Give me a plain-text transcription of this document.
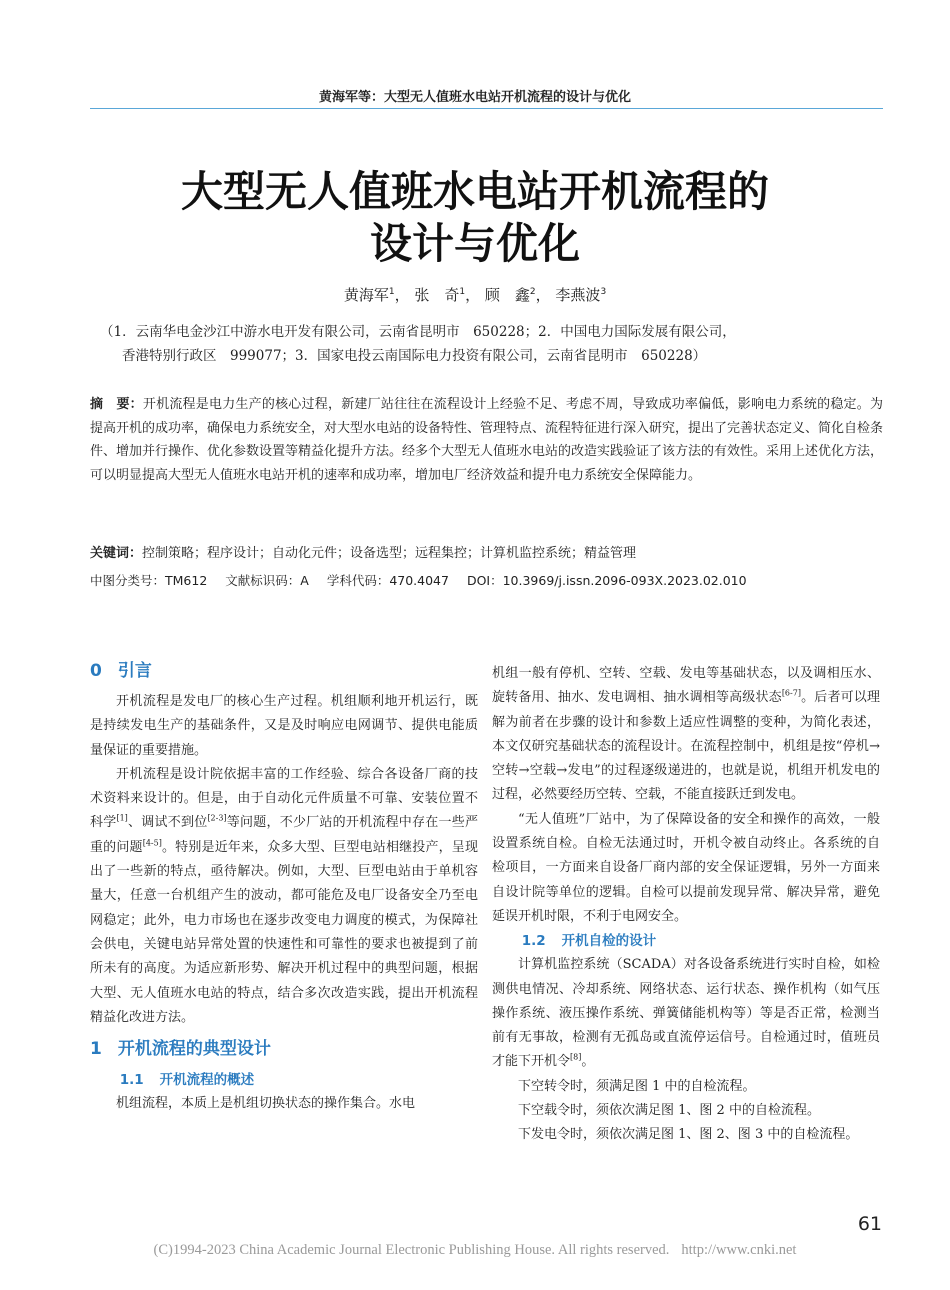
黄海军等：大型无人值班水电站开机流程的设计与优化
大型无人值班水电站开机流程的
设计与优化
黄海军$^1$， 张　奇$^1$， 顾　鑫$^2$， 李燕波$^3$
（1．云南华电金沙江中游水电开发有限公司，云南省昆明市　650228；2．中国电力国际发展有限公司，
香港特别行政区　999077；3．国家电投云南国际电力投资有限公司，云南省昆明市　650228）
摘　要：开机流程是电力生产的核心过程，新建厂站往往在流程设计上经验不足、考虑不周，导致成功率偏低，影响电力系统的稳定。为提高开机的成功率，确保电力系统安全，对大型水电站的设备特性、管理特点、流程特征进行深入研究，提出了完善状态定义、简化自检条件、增加并行操作、优化参数设置等精益化提升方法。经多个大型无人值班水电站的改造实践验证了该方法的有效性。采用上述优化方法，可以明显提高大型无人值班水电站开机的速率和成功率，增加电厂经济效益和提升电力系统安全保障能力。
关键词：控制策略；程序设计；自动化元件；设备选型；远程集控；计算机监控系统；精益管理
中图分类号：TM612 文献标识码：A 学科代码：470.4047 DOI：10.3969/j.issn.2096-093X.2023.02.010
0 引言

开机流程是发电厂的核心生产过程。机组顺利地开机运行，既是持续发电生产的基础条件，又是及时响应电网调节、提供电能质量保证的重要措施。

开机流程是设计院依据丰富的工作经验、综合各设备厂商的技术资料来设计的。但是，由于自动化元件质量不可靠、安装位置不科学[1]、调试不到位[2-3]等问题，不少厂站的开机流程中存在一些严重的问题[4-5]。特别是近年来，众多大型、巨型电站相继投产，呈现出了一些新的特点，亟待解决。例如，大型、巨型电站由于单机容量大，任意一台机组产生的波动，都可能危及电厂设备安全乃至电网稳定；此外，电力市场也在逐步改变电力调度的模式，为保障社会供电，关键电站异常处置的快速性和可靠性的要求也被提到了前所未有的高度。为适应新形势、解决开机过程中的典型问题，根据大型、无人值班水电站的特点，结合多次改造实践，提出开机流程精益化改进方法。

1 开机流程的典型设计
1.1 开机流程的概述

机组流程，本质上是机组切换状态的操作集合。水电

机组一般有停机、空转、空载、发电等基础状态，以及调相压水、旋转备用、抽水、发电调相、抽水调相等高级状态[6-7]。后者可以理解为前者在步骤的设计和参数上适应性调整的变种，为简化表述，本文仅研究基础状态的流程设计。在流程控制中，机组是按“停机→空转→空载→发电”的过程逐级递进的，也就是说，机组开机发电的过程，必然要经历空转、空载，不能直接跃迁到发电。

“无人值班”厂站中，为了保障设备的安全和操作的高效，一般设置系统自检。自检无法通过时，开机令被自动终止。各系统的自检项目，一方面来自设备厂商内部的安全保证逻辑，另外一方面来自设计院等单位的逻辑。自检可以提前发现异常、解决异常，避免延误开机时限，不利于电网安全。

1.2 开机自检的设计

计算机监控系统（SCADA）对各设备系统进行实时自检，如检测供电情况、冷却系统、网络状态、运行状态、操作机构（如气压操作系统、液压操作系统、弹簧储能机构等）等是否正常，检测当前有无事故，检测有无孤岛或直流停运信号。自检通过时，值班员才能下开机令[8]。

下空转令时，须满足图 1 中的自检流程。

下空载令时，须依次满足图 1、图 2 中的自检流程。

下发电令时，须依次满足图 1、图 2、图 3 中的自检流程。

61
(C)1994-2023 China Academic Journal Electronic Publishing House. All rights reserved. http://www.cnki.net
